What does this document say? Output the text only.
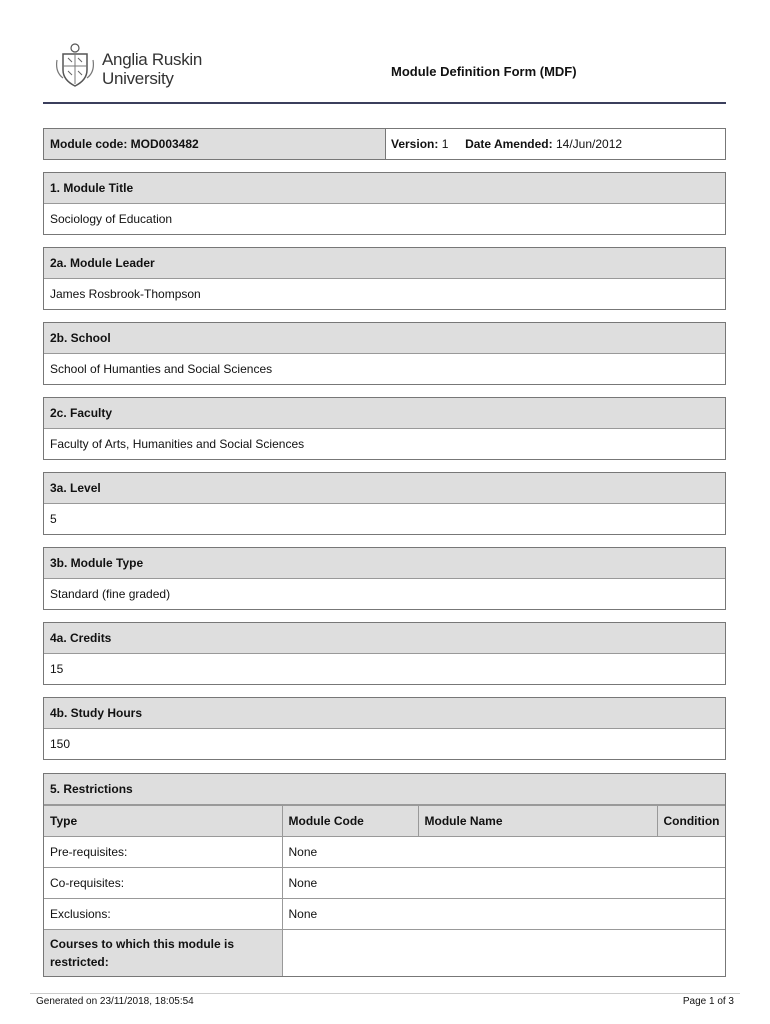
Anglia Ruskin
University	Module Definition Form (MDF)
Module code: MOD003482	Version: 1 Date Amended: 14/Jun/2012
1. Module Title
Sociology of Education
2a. Module Leader
James Rosbrook-Thompson
2b. School
School of Humanties and Social Sciences
2c. Faculty
Faculty of Arts, Humanities and Social Sciences
3a. Level
5
3b. Module Type
Standard (fine graded)
4a. Credits
15
4b. Study Hours
150
5. Restrictions
Type	Module Code	Module Name	Condition
Pre-requisites:	None		
Co-requisites:	None		
Exclusions:	None		
Courses to which this module is restricted:			
Generated on 23/11/2018, 18:05:54	Page 1 of 3
